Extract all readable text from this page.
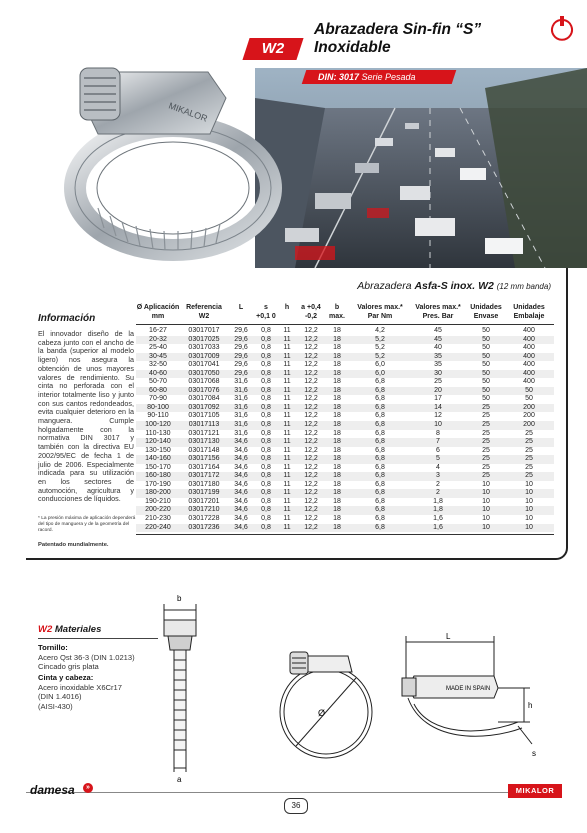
W2
Abrazadera Sin-fin “S”
Inoxidable
DIN: 3017 Serie Pesada
MIKALOR
Abrazadera Asfa-S inox. W2 (12 mm banda)
Información
Ø Aplicación
mm
Referencia
W2
L	s
+0,1 0
h	a +0,4
-0,2
b
max.
Valores max.*
Par Nm
Valores max.*
Pres. Bar
Unidades
Envase
Unidades
Embalaje
El innovador diseño de la cabeza junto con el ancho de la banda (superior al modelo ligero) nos asegura la obtención de unos mayores valores de rendimiento. Su cinta no perforada con el interior totalmente liso y junto con sus cantos redondeados, evita cualquier deterioro en la manguera. Cumple holgadamente con la normativa DIN 3017 y también con la directiva EU 2002/95/EC de fecha 1 de julio de 2006. Especialmente indicada para su utilización en los sectores de automoción, agricultura y conducciones de líquidos.
* La presión máxima de aplicación dependerá del tipo de manguera y de la geometría del racord.
Patentado mundialmente.
16-27	03017017	29,6	0,8	11	12,2	18	4,2	45	50	400
20-32	03017025	29,6	0,8	11	12,2	18	5,2	45	50	400
25-40	03017033	29,6	0,8	11	12,2	18	5,2	40	50	400
30-45	03017009	29,6	0,8	11	12,2	18	5,2	35	50	400
32-50	03017041	29,6	0,8	11	12,2	18	6,0	35	50	400
40-60	03017050	29,6	0,8	11	12,2	18	6,0	30	50	400
50-70	03017068	31,6	0,8	11	12,2	18	6,8	25	50	400
60-80	03017076	31,6	0,8	11	12,2	18	6,8	20	50	50
70-90	03017084	31,6	0,8	11	12,2	18	6,8	17	50	50
80-100	03017092	31,6	0,8	11	12,2	18	6,8	14	25	200
90-110	03017105	31,6	0,8	11	12,2	18	6,8	12	25	200
100-120	03017113	31,6	0,8	11	12,2	18	6,8	10	25	200
110-130	03017121	31,6	0,8	11	12,2	18	6,8	8	25	25
120-140	03017130	34,6	0,8	11	12,2	18	6,8	7	25	25
130-150	03017148	34,6	0,8	11	12,2	18	6,8	6	25	25
140-160	03017156	34,6	0,8	11	12,2	18	6,8	5	25	25
150-170	03017164	34,6	0,8	11	12,2	18	6,8	4	25	25
160-180	03017172	34,6	0,8	11	12,2	18	6,8	3	25	25
170-190	03017180	34,6	0,8	11	12,2	18	6,8	2	10	10
180-200	03017199	34,6	0,8	11	12,2	18	6,8	2	10	10
190-210	03017201	34,6	0,8	11	12,2	18	6,8	1,8	10	10
200-220	03017210	34,6	0,8	11	12,2	18	6,8	1,8	10	10
210-230	03017228	34,6	0,8	11	12,2	18	6,8	1,6	10	10
220-240	03017236	34,6	0,8	11	12,2	18	6,8	1,6	10	10
W2 Materiales
Tornillo:
Acero Qst 36-3 (DIN 1.0213)
Cincado gris plata
Cinta y cabeza:
Acero inoxidable X6Cr17
(DIN 1.4016)
(AISI-430)
b
a
Ø
MADE IN SPAIN
L
h
s
damesa	»
36
MIKALOR
